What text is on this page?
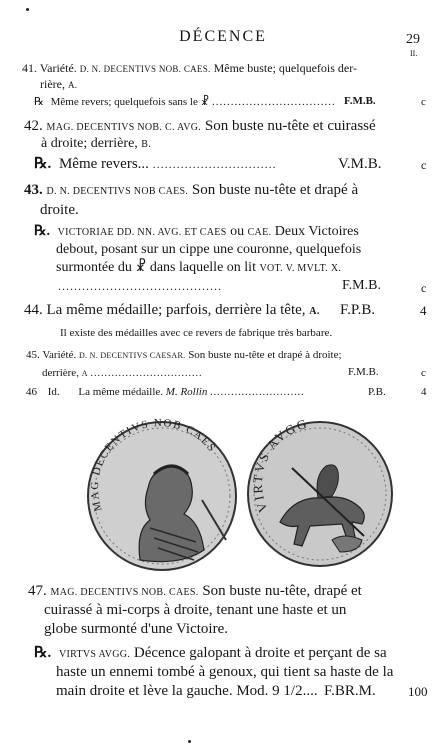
DÉCENCE	29
II.
41. Variété. D. N. DECENTIVS NOB. CAES. Même buste; quelquefois der-
rière, A.
℞ Même revers; quelquefois sans le ☧ ................................. F.M.B.	c
42. MAG. DECENTIVS NOB. C. AVG. Son buste nu-tête et cuirassé
à droite; derrière, B.
℞. Même revers... ...............................	V.M.B.	c
43. D. N. DECENTIVS NOB CAES. Son buste nu-tête et drapé à
droite.
℞. VICTORIAE DD. NN. AVG. ET CAES ou CAE. Deux Victoires
debout, posant sur un cippe une couronne, quelquefois
surmontée du ☧ dans laquelle on lit VOT. V. MVLT. X.
.........................................	F.M.B.	c
44. La même médaille; parfois, derrière la tête, A. F.P.B.	4
Il existe des médailles avec ce revers de fabrique très barbare.
45. Variété. D. N. DECENTIVS CAESAR. Son buste nu-tête et drapé à droite;
derrière, A ................................	F.M.B.	c
46 Id. La même médaille. M. Rollin ...........................	P.B.	4
MAG DECENTIVS NOB CAES
VIRTVS AVGG
47. MAG. DECENTIVS NOB. CAES. Son buste nu-tête, drapé et
cuirassé à mi-corps à droite, tenant une haste et un
globe surmonté d'une Victoire.
℞. VIRTVS AVGG. Décence galopant à droite et perçant de sa
haste un ennemi tombé à genoux, qui tient sa haste de la
main droite et lève la gauche. Mod. 9 1/2.... F.BR.M. 100
